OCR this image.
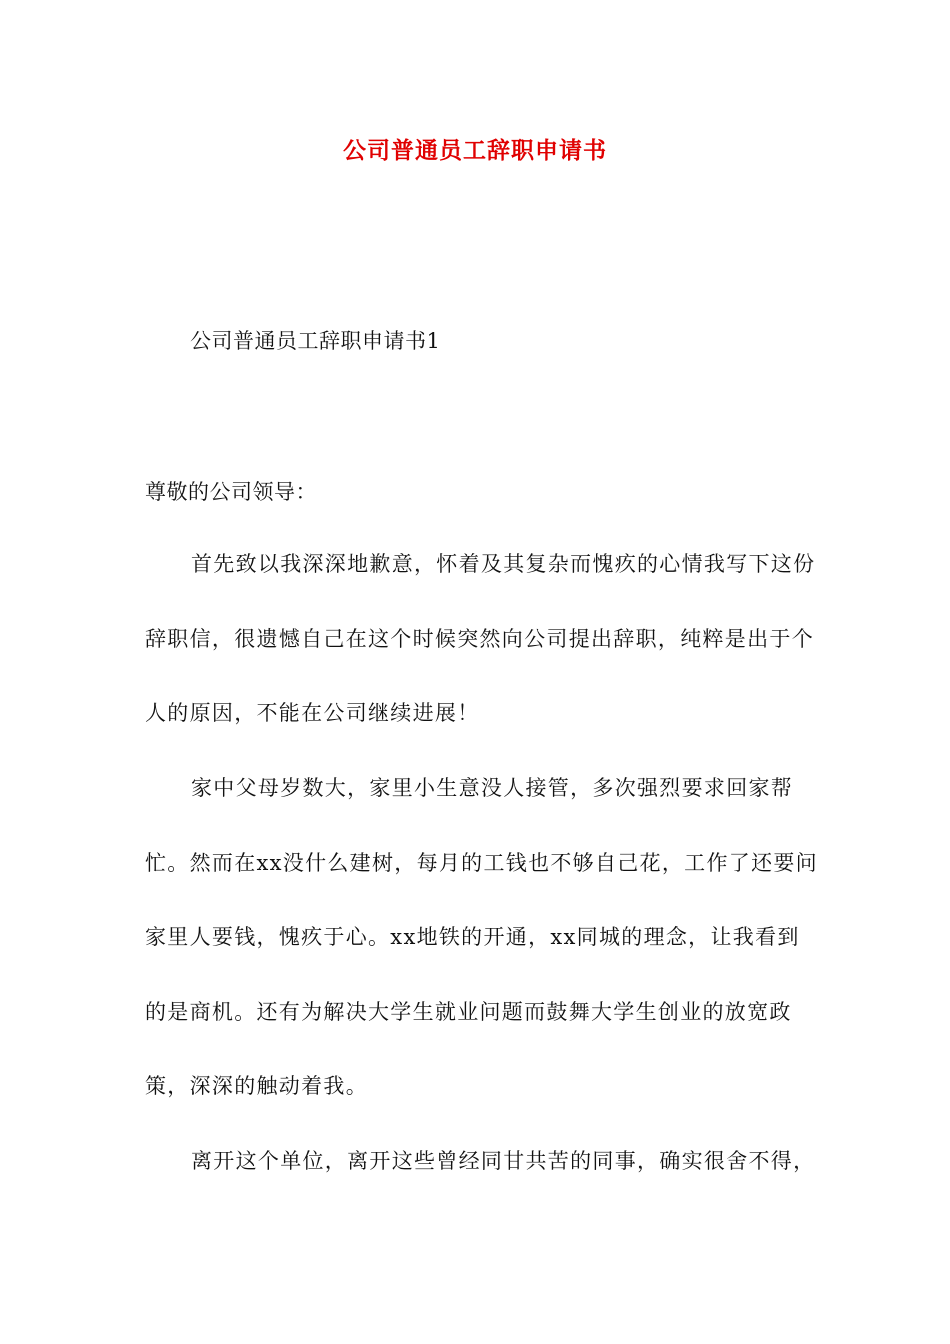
公司普通员工辞职申请书
公司普通员工辞职申请书1
尊敬的公司领导：

首先致以我深深地歉意，怀着及其复杂而愧疚的心情我写下这份辞职信，很遗憾自己在这个时候突然向公司提出辞职，纯粹是出于个人的原因，不能在公司继续进展！

家中父母岁数大，家里小生意没人接管，多次强烈要求回家帮忙。然而在xx没什么建树，每月的工钱也不够自己花，工作了还要问家里人要钱，愧疚于心。xx地铁的开通，xx同城的理念，让我看到的是商机。还有为解决大学生就业问题而鼓舞大学生创业的放宽政策，深深的触动着我。

离开这个单位，离开这些曾经同甘共苦的同事，确实很舍不得，
